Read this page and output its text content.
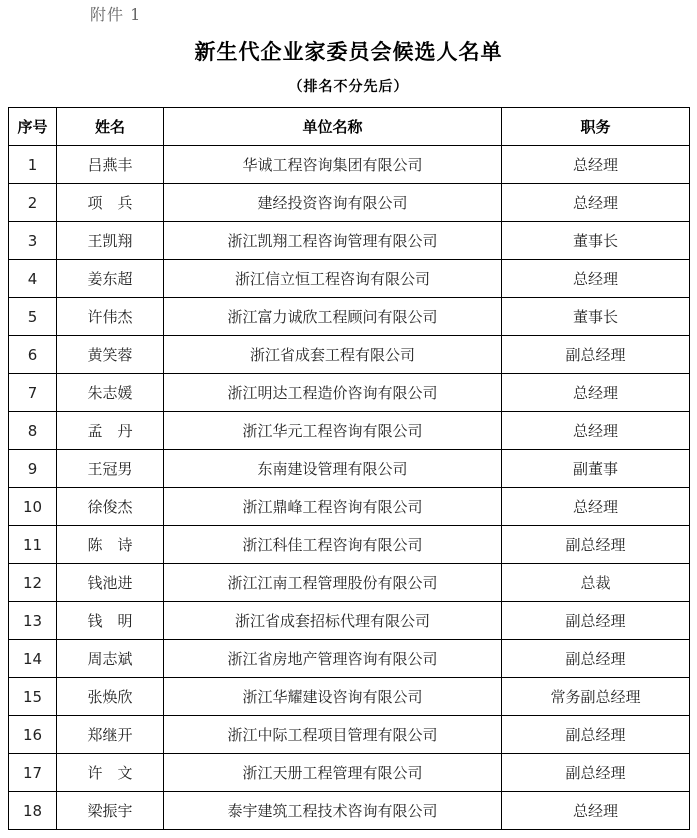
附件 1
新生代企业家委员会候选人名单
（排名不分先后）
序号	姓名	单位名称	职务
1	吕燕丰	华诚工程咨询集团有限公司	总经理
2	项　兵	建经投资咨询有限公司	总经理
3	王凯翔	浙江凯翔工程咨询管理有限公司	董事长
4	姜东超	浙江信立恒工程咨询有限公司	总经理
5	许伟杰	浙江富力诚欣工程顾问有限公司	董事长
6	黄笑蓉	浙江省成套工程有限公司	副总经理
7	朱志媛	浙江明达工程造价咨询有限公司	总经理
8	孟　丹	浙江华元工程咨询有限公司	总经理
9	王冠男	东南建设管理有限公司	副董事
10	徐俊杰	浙江鼎峰工程咨询有限公司	总经理
11	陈　诗	浙江科佳工程咨询有限公司	副总经理
12	钱池进	浙江江南工程管理股份有限公司	总裁
13	钱　明	浙江省成套招标代理有限公司	副总经理
14	周志斌	浙江省房地产管理咨询有限公司	副总经理
15	张焕欣	浙江华耀建设咨询有限公司	常务副总经理
16	郑继开	浙江中际工程项目管理有限公司	副总经理
17	许　文	浙江天册工程管理有限公司	副总经理
18	梁振宇	泰宇建筑工程技术咨询有限公司	总经理
